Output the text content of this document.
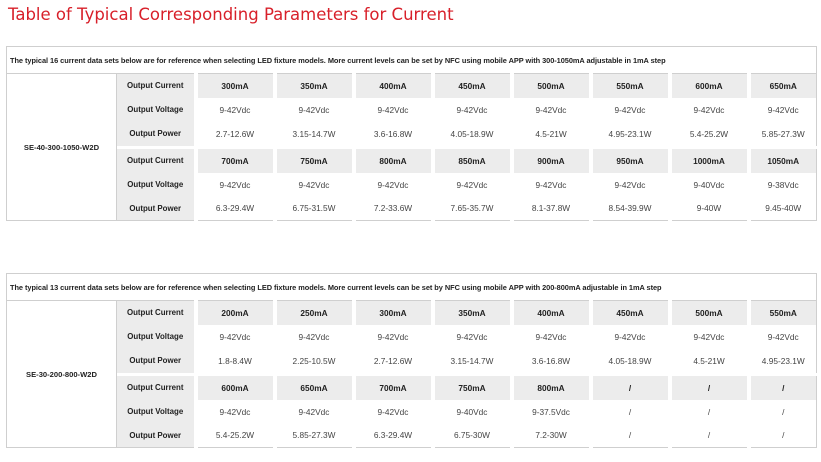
Table of Typical Corresponding Parameters for Current
The typical 16 current data sets below are for reference when selecting LED fixture models. More current levels can be set by NFC using mobile APP with 300-1050mA adjustable in 1mA step									
SE-40-300-1050-W2D	Output Current	300mA	350mA	400mA	450mA	500mA	550mA	600mA	650mA
	Output Voltage	9-42Vdc	9-42Vdc	9-42Vdc	9-42Vdc	9-42Vdc	9-42Vdc	9-42Vdc	9-42Vdc
	Output Power	2.7-12.6W	3.15-14.7W	3.6-16.8W	4.05-18.9W	4.5-21W	4.95-23.1W	5.4-25.2W	5.85-27.3W

	Output Current	700mA	750mA	800mA	850mA	900mA	950mA	1000mA	1050mA
	Output Voltage	9-42Vdc	9-42Vdc	9-42Vdc	9-42Vdc	9-42Vdc	9-42Vdc	9-40Vdc	9-38Vdc
	Output Power	6.3-29.4W	6.75-31.5W	7.2-33.6W	7.65-35.7W	8.1-37.8W	8.54-39.9W	9-40W	9.45-40W
The typical 13 current data sets below are for reference when selecting LED fixture models. More current levels can be set by NFC using mobile APP with 200-800mA adjustable in 1mA step									
SE-30-200-800-W2D	Output Current	200mA	250mA	300mA	350mA	400mA	450mA	500mA	550mA
	Output Voltage	9-42Vdc	9-42Vdc	9-42Vdc	9-42Vdc	9-42Vdc	9-42Vdc	9-42Vdc	9-42Vdc
	Output Power	1.8-8.4W	2.25-10.5W	2.7-12.6W	3.15-14.7W	3.6-16.8W	4.05-18.9W	4.5-21W	4.95-23.1W

	Output Current	600mA	650mA	700mA	750mA	800mA	/	/	/
	Output Voltage	9-42Vdc	9-42Vdc	9-42Vdc	9-40Vdc	9-37.5Vdc	/	/	/
	Output Power	5.4-25.2W	5.85-27.3W	6.3-29.4W	6.75-30W	7.2-30W	/	/	/
